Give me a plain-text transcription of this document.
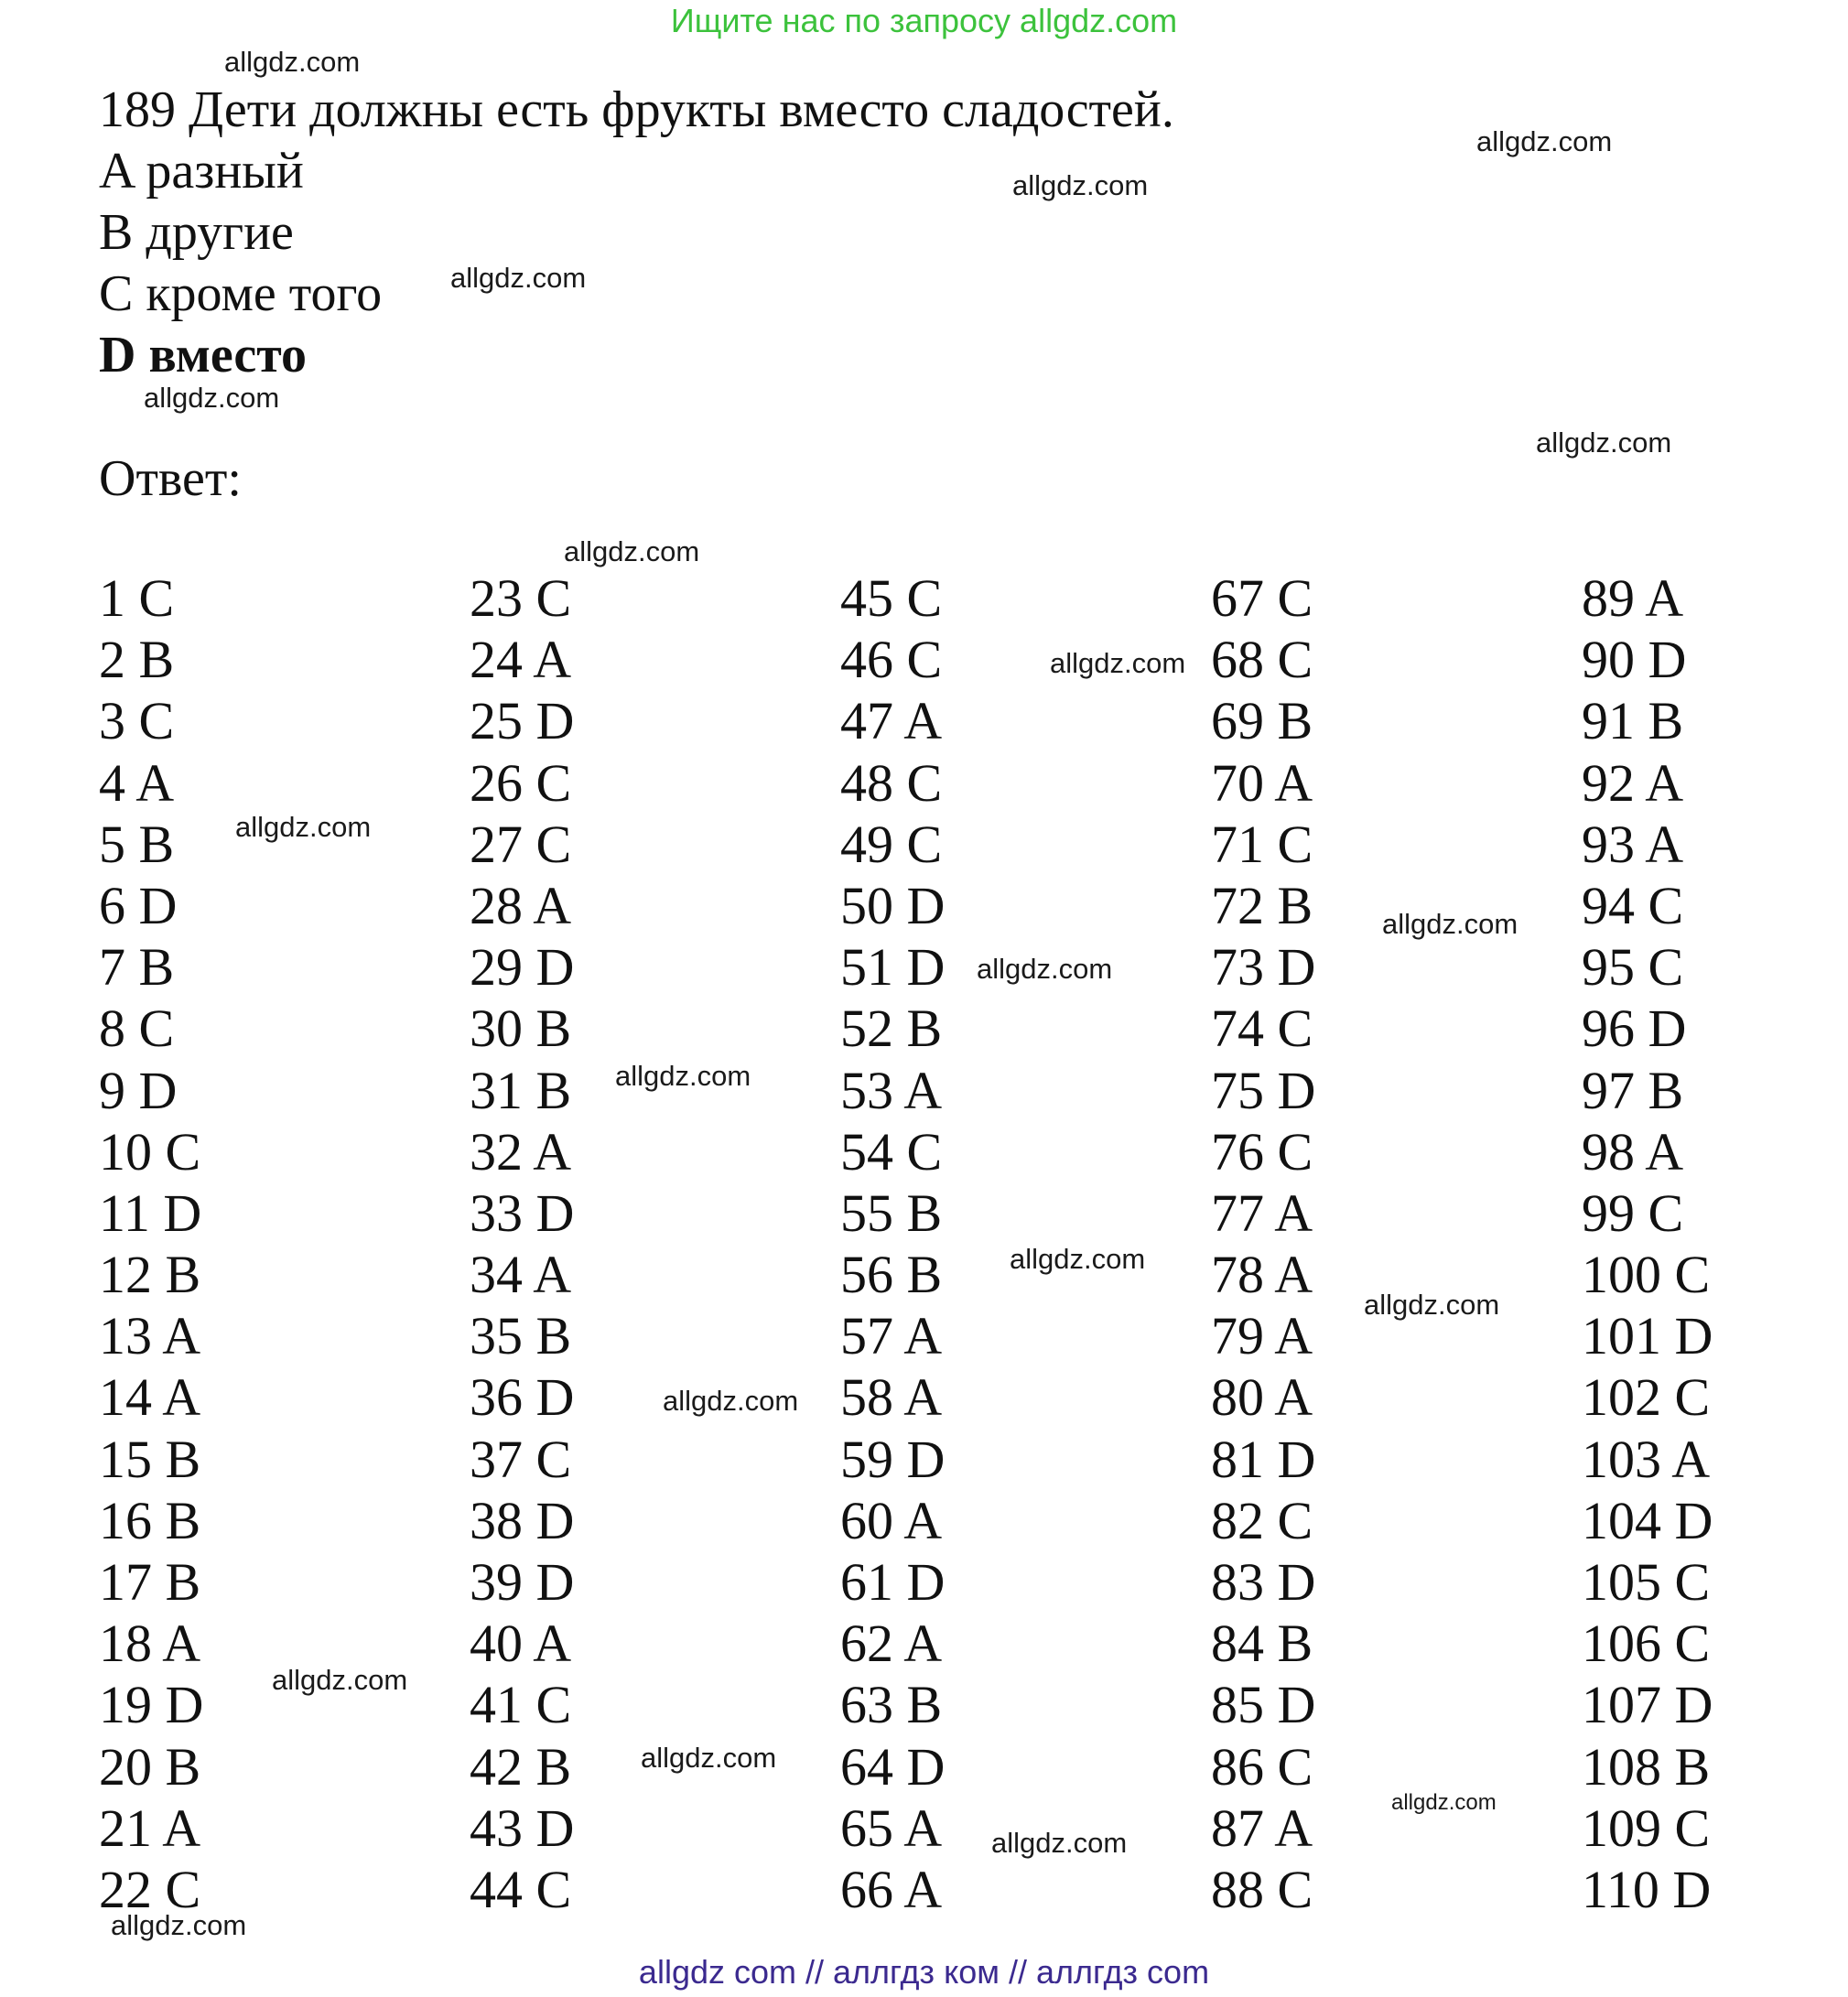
Ищите нас по запросу allgdz.com
189 Дети должны есть фрукты вместо сладостей.
A разный
B другие
C кроме того
D вместо
Ответ:
1 C
2 B
3 C
4 A
5 B
6 D
7 B
8 C
9 D
10 C
11 D
12 B
13 A
14 A
15 B
16 B
17 B
18 A
19 D
20 B
21 A
22 C
23 C
24 A
25 D
26 C
27 C
28 A
29 D
30 B
31 B
32 A
33 D
34 A
35 B
36 D
37 C
38 D
39 D
40 A
41 C
42 B
43 D
44 C
45 C
46 C
47 A
48 C
49 C
50 D
51 D
52 B
53 A
54 C
55 B
56 B
57 A
58 A
59 D
60 A
61 D
62 A
63 B
64 D
65 A
66 A
67 C
68 C
69 B
70 A
71 C
72 B
73 D
74 C
75 D
76 C
77 A
78 A
79 A
80 A
81 D
82 C
83 D
84 B
85 D
86 C
87 A
88 C
89 A
90 D
91 B
92 A
93 A
94 C
95 C
96 D
97 B
98 A
99 C
100 C
101 D
102 C
103 A
104 D
105 C
106 C
107 D
108 B
109 C
110 D
allgdz.com
allgdz.com
allgdz.com
allgdz.com
allgdz.com
allgdz.com
allgdz.com
allgdz.com
allgdz.com
allgdz.com
allgdz.com
allgdz.com
allgdz.com
allgdz.com
allgdz.com
allgdz.com
allgdz.com
allgdz.com
allgdz.com
allgdz.com
allgdz com // аллгдз ком // аллгдз com
